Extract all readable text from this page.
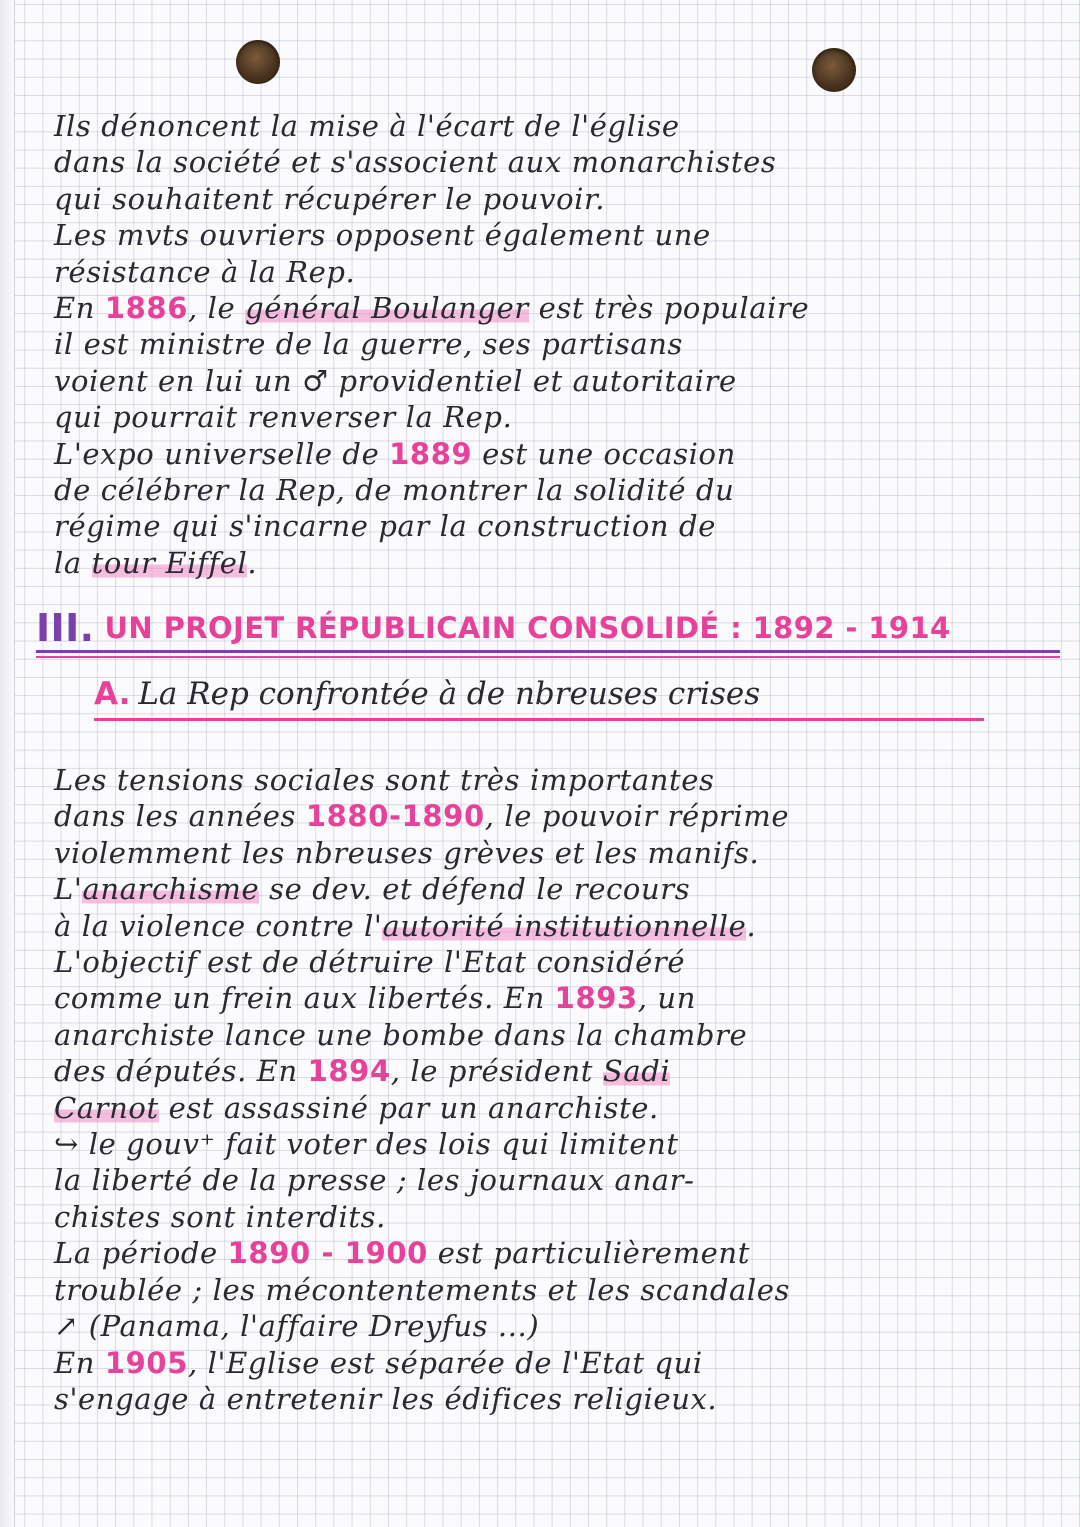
Ils dénoncent la mise à l'écart de l'église
dans la société et s'associent aux monarchistes
qui souhaitent récupérer le pouvoir.
Les mvts ouvriers opposent également une
résistance à la Rep.
En 1886, le général Boulanger est très populaire
il est ministre de la guerre, ses partisans
voient en lui un ♂ providentiel et autoritaire
qui pourrait renverser la Rep.
L'expo universelle de 1889 est une occasion
de célébrer la Rep, de montrer la solidité du
régime qui s'incarne par la construction de
la tour Eiffel.
III. UN PROJET RÉPUBLICAIN CONSOLIDÉ : 1892 - 1914
A. La Rep confrontée à de nbreuses crises
Les tensions sociales sont très importantes
dans les années 1880-1890, le pouvoir réprime
violemment les nbreuses grèves et les manifs.
L'anarchisme se dev. et défend le recours
à la violence contre l'autorité institutionnelle.
L'objectif est de détruire l'Etat considéré
comme un frein aux libertés. En 1893, un
anarchiste lance une bombe dans la chambre
des députés. En 1894, le président Sadi
Carnot est assassiné par un anarchiste.
↪ le gouv⁺ fait voter des lois qui limitent
la liberté de la presse ; les journaux anar-
chistes sont interdits.
La période 1890 - 1900 est particulièrement
troublée ; les mécontentements et les scandales
↗ (Panama, l'affaire Dreyfus ...)
En 1905, l'Eglise est séparée de l'Etat qui
s'engage à entretenir les édifices religieux.
